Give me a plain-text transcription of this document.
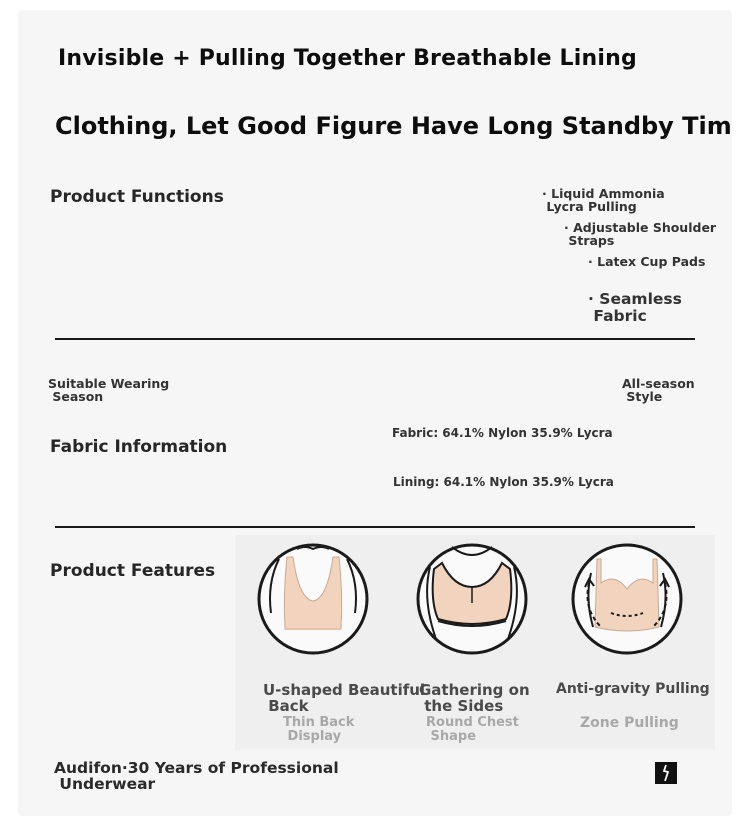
Invisible + Pulling Together Breathable Lining
Clothing, Let Good Figure Have Long Standby Tim
Product Functions	· Liquid Ammonia
Lycra Pulling
· Adjustable Shoulder
Straps
· Latex Cup Pads
· Seamless
Fabric
Suitable Wearing
Season
All-season
Style
Fabric Information
Fabric: 64.1% Nylon 35.9% Lycra
Lining: 64.1% Nylon 35.9% Lycra
Product Features
U-shaped Beautiful
Back
Thin Back
Display
Gathering on
the Sides
Round Chest
Shape
Anti-gravity Pulling
Zone Pulling
Audifon·30 Years of Professional
Underwear
